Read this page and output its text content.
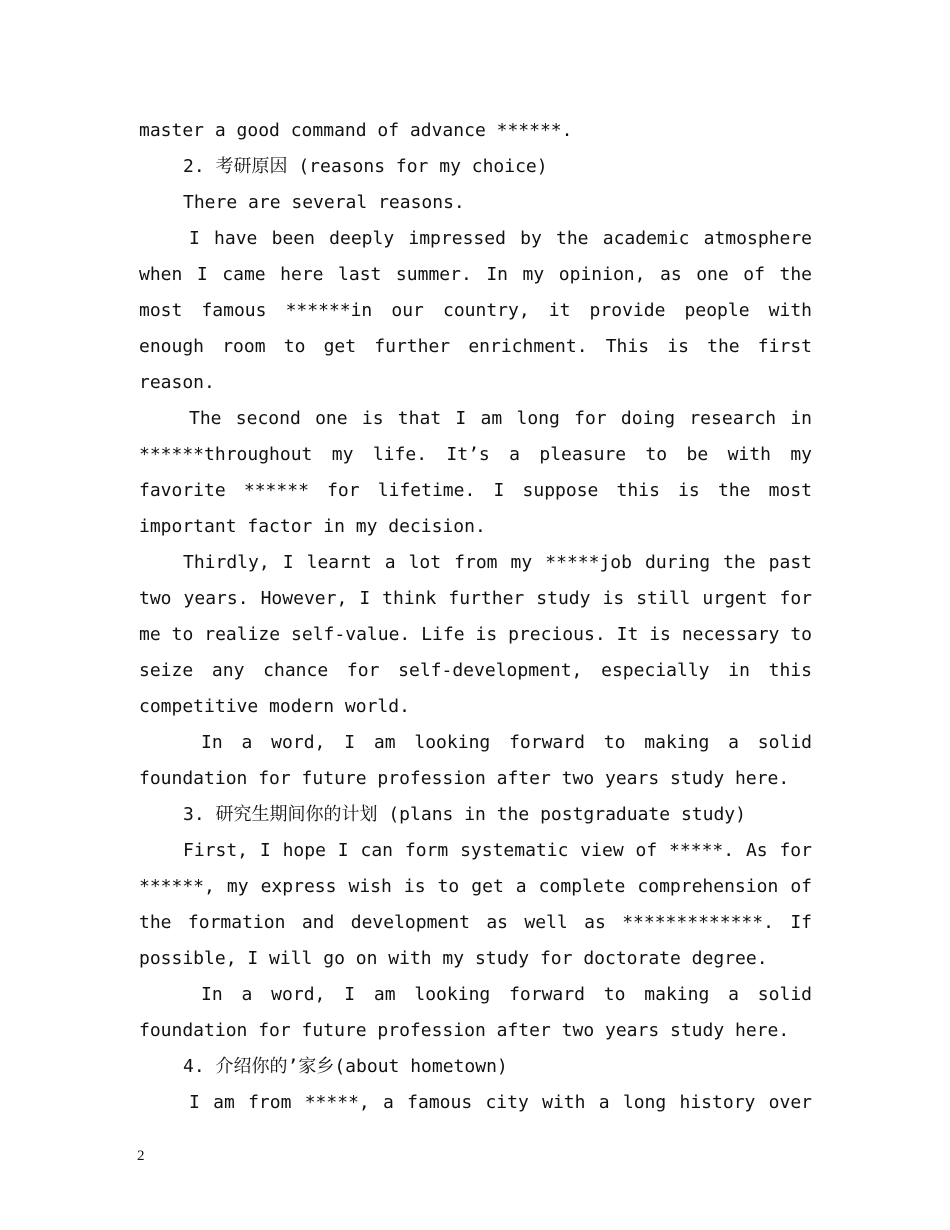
master a good command of advance ******.
2. 考研原因 (reasons for my choice)
There are several reasons.
I have been deeply impressed by the academic atmosphere
when I came here last summer. In my opinion, as one of the
most famous ******in our country, it provide people with
enough room to get further enrichment. This is the first
reason.
The second one is that I am long for doing research in
******throughout my life. It’s a pleasure to be with my
favorite ****** for lifetime. I suppose this is the most
important factor in my decision.
Thirdly, I learnt a lot from my *****job during the past
two years. However, I think further study is still urgent for
me to realize self-value. Life is precious. It is necessary to
seize any chance for self-development, especially in this
competitive modern world.
In a word, I am looking forward to making a solid
foundation for future profession after two years study here.
3. 研究生期间你的计划 (plans in the postgraduate study)
First, I hope I can form systematic view of *****. As for
******, my express wish is to get a complete comprehension of
the formation and development as well as *************. If
possible, I will go on with my study for doctorate degree.
In a word, I am looking forward to making a solid
foundation for future profession after two years study here.
4. 介绍你的’家乡(about hometown)
I am from *****, a famous city with a long history over
2
